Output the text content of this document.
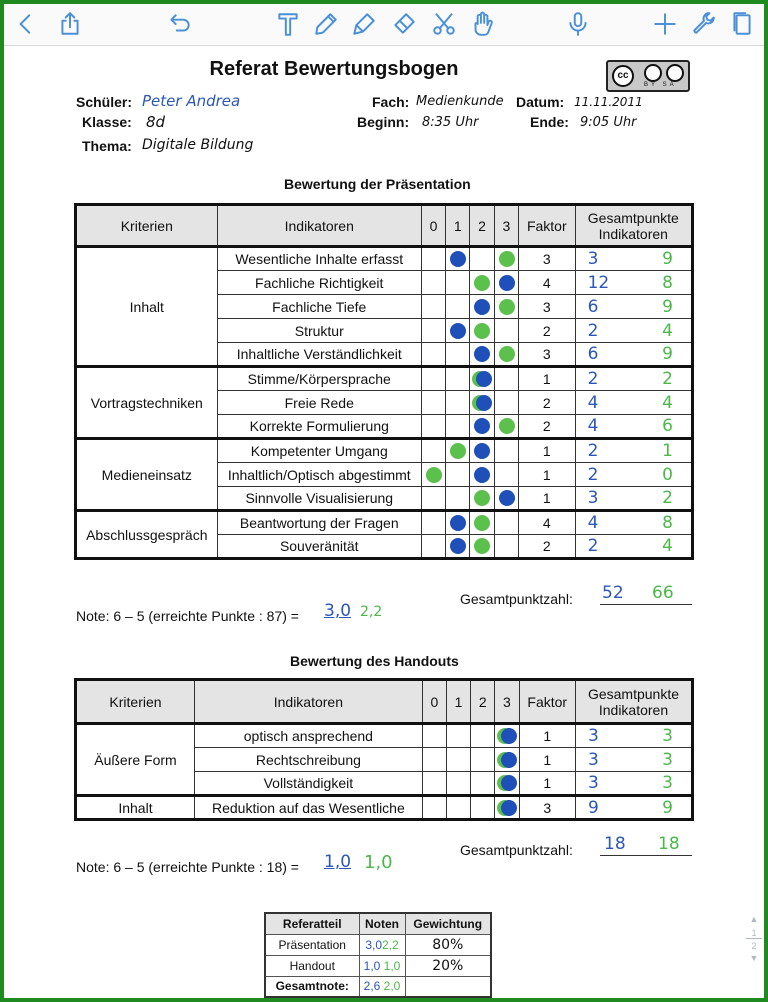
Referat Bewertungsbogen	cc
BY SA
Schüler: Peter Andrea	Fach: Medienkunde Datum: 11.11.2011
Klasse: 8d	Beginn: 8:35 Uhr	Ende: 9:05 Uhr
Thema: Digitale Bildung
Bewertung der Präsentation
Kriterien	Indikatoren	0	1	2	3	Faktor	Gesamtpunkte Indikatoren
Inhalt	Wesentliche Inhalte erfasst					3	3 9

	Fachliche Richtigkeit					4	12 8

	Fachliche Tiefe					3	6 9

	Struktur					2	2 4

	Inhaltliche Verständlichkeit					3	6 9

Vortragstechniken	Stimme/Körpersprache					1	2 2

	Freie Rede					2	4 4

	Korrekte Formulierung					2	4 6

Medieneinsatz	Kompetenter Umgang					1	2 1

	Inhaltlich/Optisch abgestimmt					1	2 0

	Sinnvolle Visualisierung					1	3 2

Abschlussgespräch	Beantwortung der Fragen					4	4 8

	Souveränität					2	2 4
Gesamtpunktzahl: 52 66
Note: 6 – 5 (erreichte Punkte : 87) = 3,0 2,2
Bewertung des Handouts
Kriterien	Indikatoren	0	1	2	3	Faktor	Gesamtpunkte Indikatoren
Äußere Form	optisch ansprechend					1	3 3

	Rechtschreibung					1	3 3

	Vollständigkeit					1	3 3

Inhalt	Reduktion auf das Wesentliche					3	9 9
Gesamtpunktzahl: 18 18
Note: 6 – 5 (erreichte Punkte : 18) = 1,0 1,0
Referatteil	Noten	Gewichtung
Präsentation	3,02,2	80%
Handout	1,0 1,0	20%
Gesamtnote:	2,6 2,0	
▲
1
2
▼
